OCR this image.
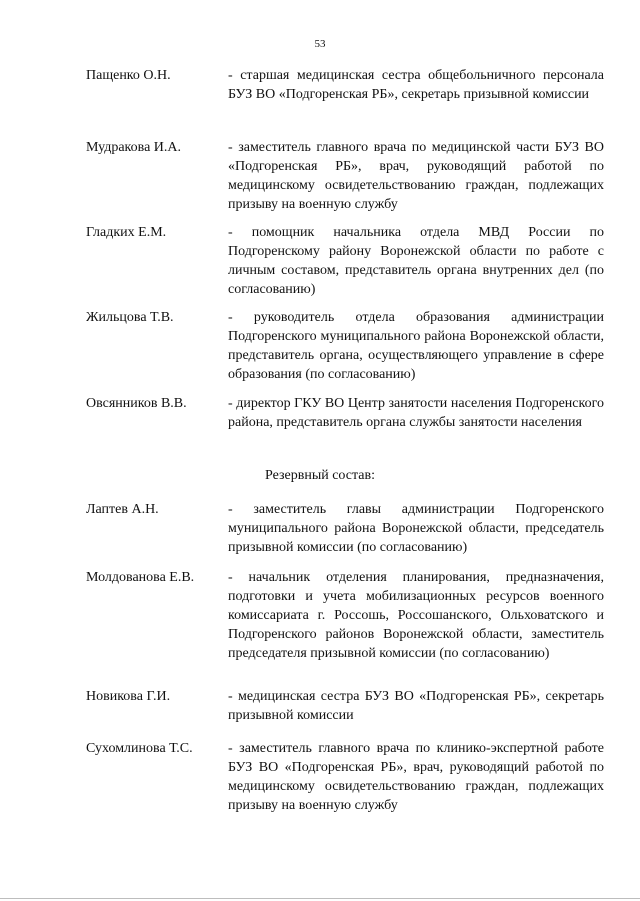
53
Пащенко О.Н.	- старшая медицинская сестра общебольничного персонала БУЗ ВО «Подгоренская РБ», секретарь призывной комиссии
Мудракова И.А.	- заместитель главного врача по медицинской части БУЗ ВО «Подгоренская РБ», врач, руководящий работой по медицинскому освидетельствованию граждан, подлежащих призыву на военную службу
Гладких Е.М.	- помощник начальника отдела МВД России по Подгоренскому району Воронежской области по работе с личным составом, представитель органа внутренних дел (по согласованию)
Жильцова Т.В.	- руководитель отдела образования администрации Подгоренского муниципального района Воронежской области, представитель органа, осуществляющего управление в сфере образования (по согласованию)
Овсянников В.В.	- директор ГКУ ВО Центр занятости населения Подгоренского района, представитель органа службы занятости населения
Резервный состав:
Лаптев А.Н.	- заместитель главы администрации Подгоренского муниципального района Воронежской области, председатель призывной комиссии (по согласованию)
Молдованова Е.В.	- начальник отделения планирования, предназначения, подготовки и учета мобилизационных ресурсов военного комиссариата г. Россошь, Россошанского, Ольховатского и Подгоренского районов Воронежской области, заместитель председателя призывной комиссии (по согласованию)
Новикова Г.И.	- медицинская сестра БУЗ ВО «Подгоренская РБ», секретарь призывной комиссии
Сухомлинова Т.С.	- заместитель главного врача по клинико-экспертной работе БУЗ ВО «Подгоренская РБ», врач, руководящий работой по медицинскому освидетельствованию граждан, подлежащих призыву на военную службу
